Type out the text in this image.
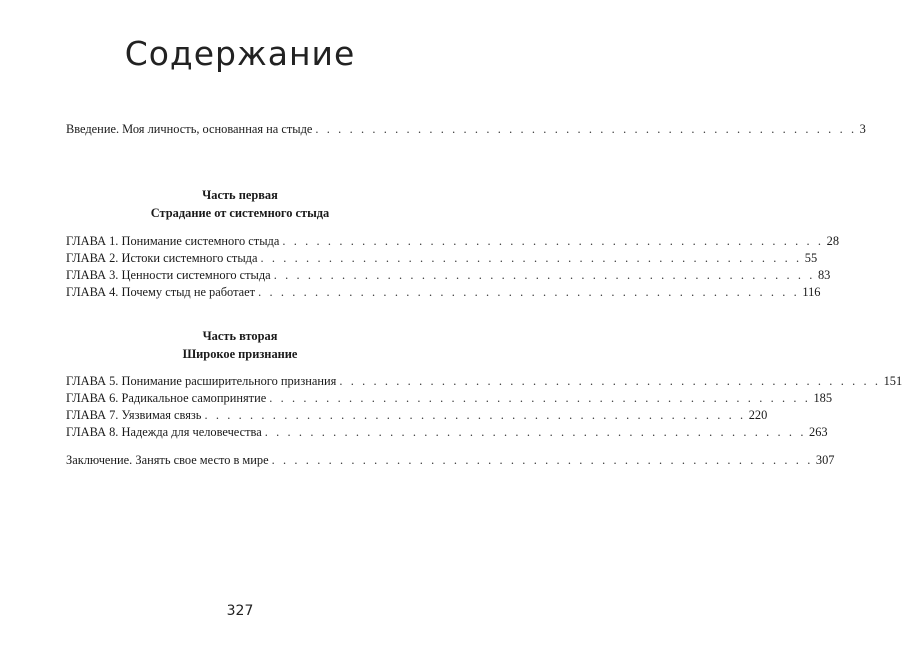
Содержание
Введение. Моя личность, основанная на стыде . . . . . . . . . . . . . . . . . . . . . . . . . . . . . . . . . . . . . . . . . . . . . . . . 3
Часть первая
Страдание от системного стыда
ГЛАВА 1. Понимание системного стыда . . . . . . . . . . . . . . . . . . . . . . . . . . . . . . . . . . . . . . . . . . . . . . . . 28
ГЛАВА 2. Истоки системного стыда . . . . . . . . . . . . . . . . . . . . . . . . . . . . . . . . . . . . . . . . . . . . . . . . 55
ГЛАВА 3. Ценности системного стыда . . . . . . . . . . . . . . . . . . . . . . . . . . . . . . . . . . . . . . . . . . . . . . . . 83
ГЛАВА 4. Почему стыд не работает . . . . . . . . . . . . . . . . . . . . . . . . . . . . . . . . . . . . . . . . . . . . . . . . 116
Часть вторая
Широкое признание
ГЛАВА 5. Понимание расширительного признания . . . . . . . . . . . . . . . . . . . . . . . . . . . . . . . . . . . . . . . . . . . . . . . . 151
ГЛАВА 6. Радикальное самопринятие . . . . . . . . . . . . . . . . . . . . . . . . . . . . . . . . . . . . . . . . . . . . . . . . 185
ГЛАВА 7. Уязвимая связь . . . . . . . . . . . . . . . . . . . . . . . . . . . . . . . . . . . . . . . . . . . . . . . . 220
ГЛАВА 8. Надежда для человечества . . . . . . . . . . . . . . . . . . . . . . . . . . . . . . . . . . . . . . . . . . . . . . . . 263
Заключение. Занять свое место в мире . . . . . . . . . . . . . . . . . . . . . . . . . . . . . . . . . . . . . . . . . . . . . . . . 307
327
